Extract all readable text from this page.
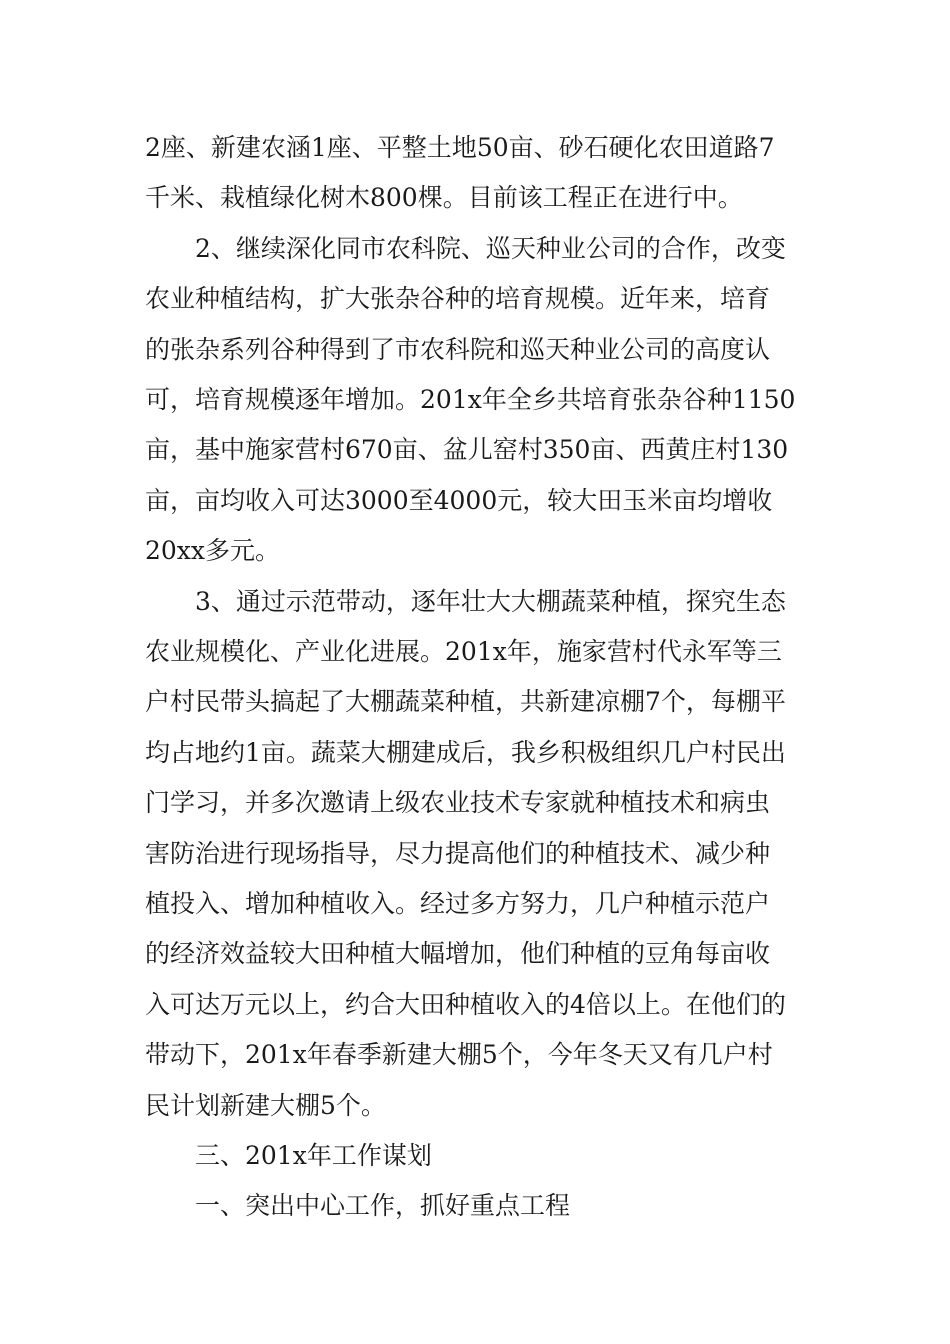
2座、新建农涵1座、平整土地50亩、砂石硬化农田道路7
千米、栽植绿化树木800棵。目前该工程正在进行中。
2、继续深化同市农科院、巡天种业公司的合作，改变
农业种植结构，扩大张杂谷种的培育规模。近年来，培育
的张杂系列谷种得到了市农科院和巡天种业公司的高度认
可，培育规模逐年增加。201x年全乡共培育张杂谷种1150
亩，基中施家营村670亩、盆儿窑村350亩、西黄庄村130
亩，亩均收入可达3000至4000元，较大田玉米亩均增收
20xx多元。
3、通过示范带动，逐年壮大大棚蔬菜种植，探究生态
农业规模化、产业化进展。201x年，施家营村代永军等三
户村民带头搞起了大棚蔬菜种植，共新建凉棚7个，每棚平
均占地约1亩。蔬菜大棚建成后，我乡积极组织几户村民出
门学习，并多次邀请上级农业技术专家就种植技术和病虫
害防治进行现场指导，尽力提高他们的种植技术、减少种
植投入、增加种植收入。经过多方努力，几户种植示范户
的经济效益较大田种植大幅增加，他们种植的豆角每亩收
入可达万元以上，约合大田种植收入的4倍以上。在他们的
带动下，201x年春季新建大棚5个，今年冬天又有几户村
民计划新建大棚5个。
三、201x年工作谋划
一、突出中心工作，抓好重点工程
